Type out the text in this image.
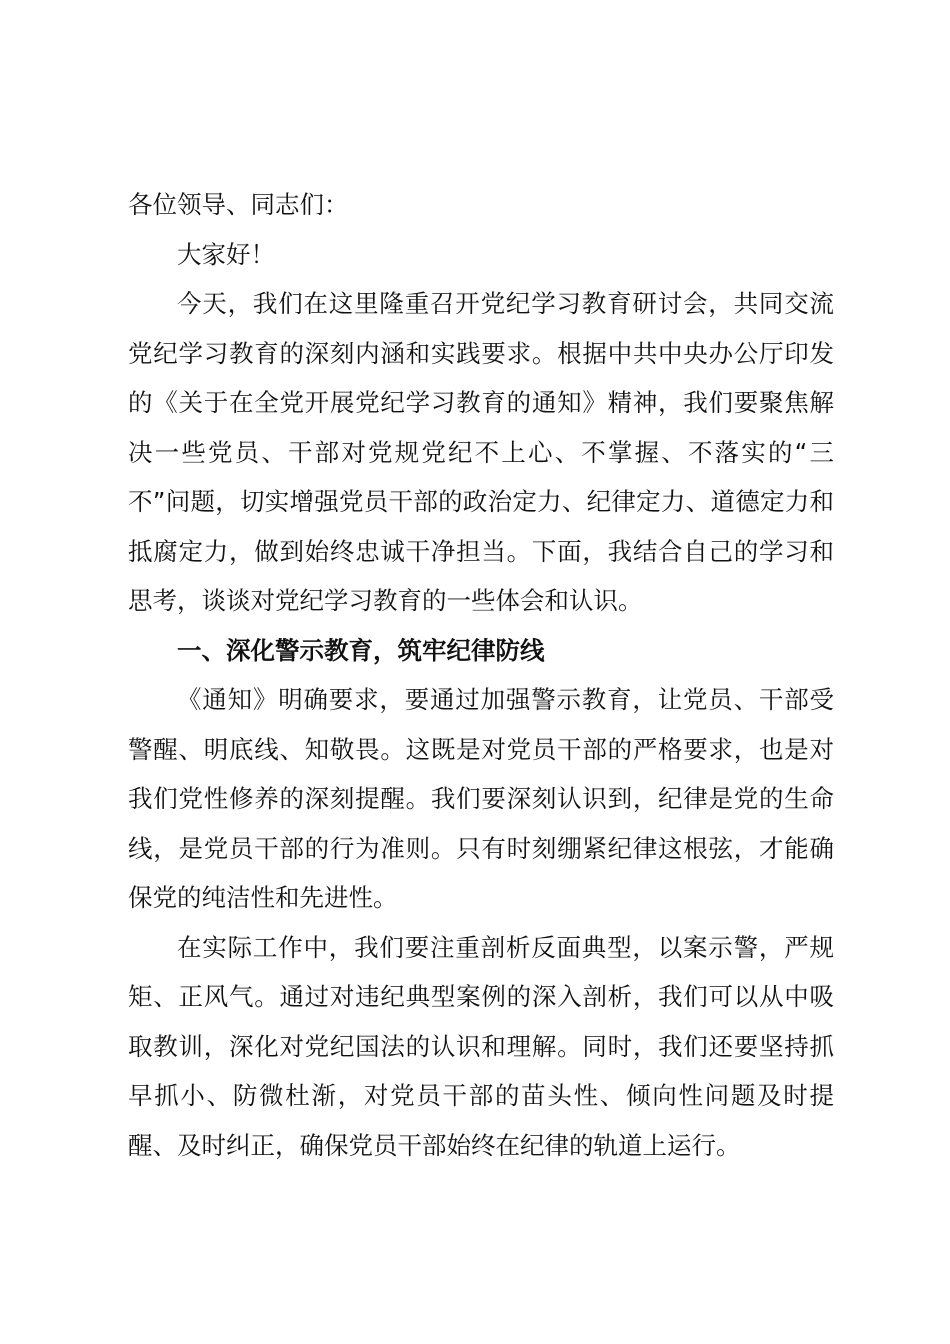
各位领导、同志们：

大家好！

今天，我们在这里隆重召开党纪学习教育研讨会，共同交流党纪学习教育的深刻内涵和实践要求。根据中共中央办公厅印发的《关于在全党开展党纪学习教育的通知》精神，我们要聚焦解决一些党员、干部对党规党纪不上心、不掌握、不落实的“三不”问题，切实增强党员干部的政治定力、纪律定力、道德定力和抵腐定力，做到始终忠诚干净担当。下面，我结合自己的学习和思考，谈谈对党纪学习教育的一些体会和认识。

一、深化警示教育，筑牢纪律防线

《通知》明确要求，要通过加强警示教育，让党员、干部受警醒、明底线、知敬畏。这既是对党员干部的严格要求，也是对我们党性修养的深刻提醒。我们要深刻认识到，纪律是党的生命线，是党员干部的行为准则。只有时刻绷紧纪律这根弦，才能确保党的纯洁性和先进性。

在实际工作中，我们要注重剖析反面典型，以案示警，严规矩、正风气。通过对违纪典型案例的深入剖析，我们可以从中吸取教训，深化对党纪国法的认识和理解。同时，我们还要坚持抓早抓小、防微杜渐，对党员干部的苗头性、倾向性问题及时提醒、及时纠正，确保党员干部始终在纪律的轨道上运行。
